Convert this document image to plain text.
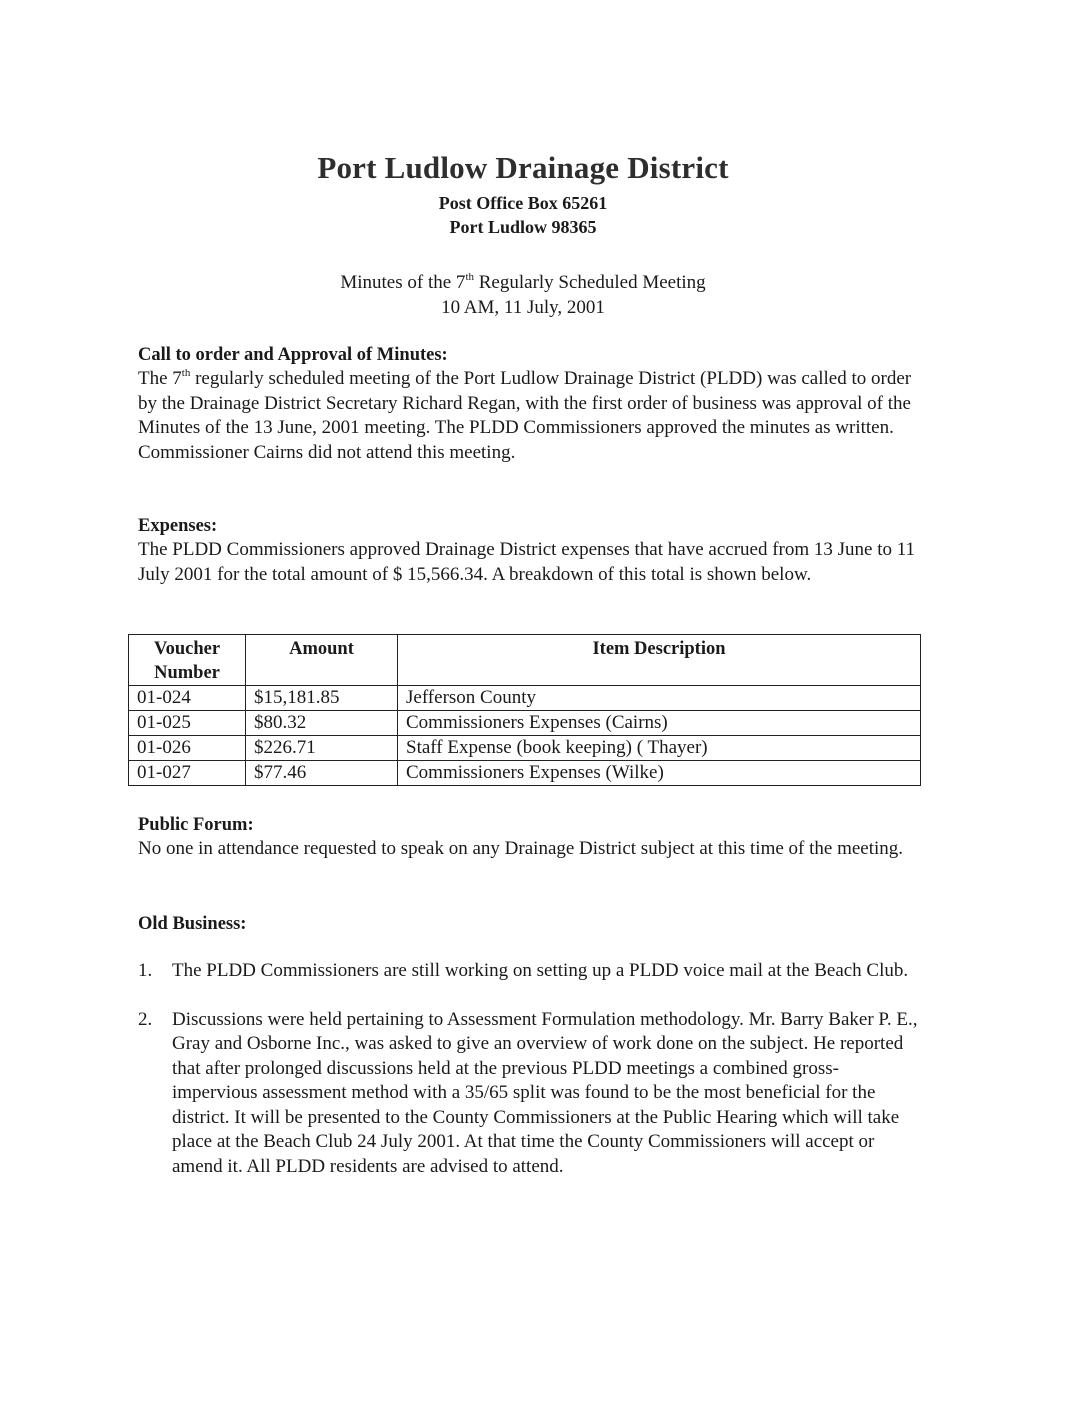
Port Ludlow Drainage District
Post Office Box 65261
Port Ludlow 98365
Minutes of the 7th Regularly Scheduled Meeting
10 AM, 11 July, 2001
Call to order and Approval of Minutes:
The 7th regularly scheduled meeting of the Port Ludlow Drainage District (PLDD) was called to order by the Drainage District Secretary Richard Regan, with the first order of business was approval of the Minutes of the 13 June, 2001 meeting. The PLDD Commissioners approved the minutes as written. Commissioner Cairns did not attend this meeting.
Expenses:
The PLDD Commissioners approved Drainage District expenses that have accrued from 13 June to 11 July 2001 for the total amount of $ 15,566.34. A breakdown of this total is shown below.
Voucher Number	Amount	Item Description
01-024	$15,181.85	Jefferson County
01-025	$80.32	Commissioners Expenses (Cairns)
01-026	$226.71	Staff Expense (book keeping) ( Thayer)
01-027	$77.46	Commissioners Expenses (Wilke)
Public Forum:
No one in attendance requested to speak on any Drainage District subject at this time of the meeting.
Old Business:
1. The PLDD Commissioners are still working on setting up a PLDD voice mail at the Beach Club.
2. Discussions were held pertaining to Assessment Formulation methodology. Mr. Barry Baker P. E., Gray and Osborne Inc., was asked to give an overview of work done on the subject. He reported that after prolonged discussions held at the previous PLDD meetings a combined gross-impervious assessment method with a 35/65 split was found to be the most beneficial for the district. It will be presented to the County Commissioners at the Public Hearing which will take place at the Beach Club 24 July 2001. At that time the County Commissioners will accept or amend it. All PLDD residents are advised to attend.
